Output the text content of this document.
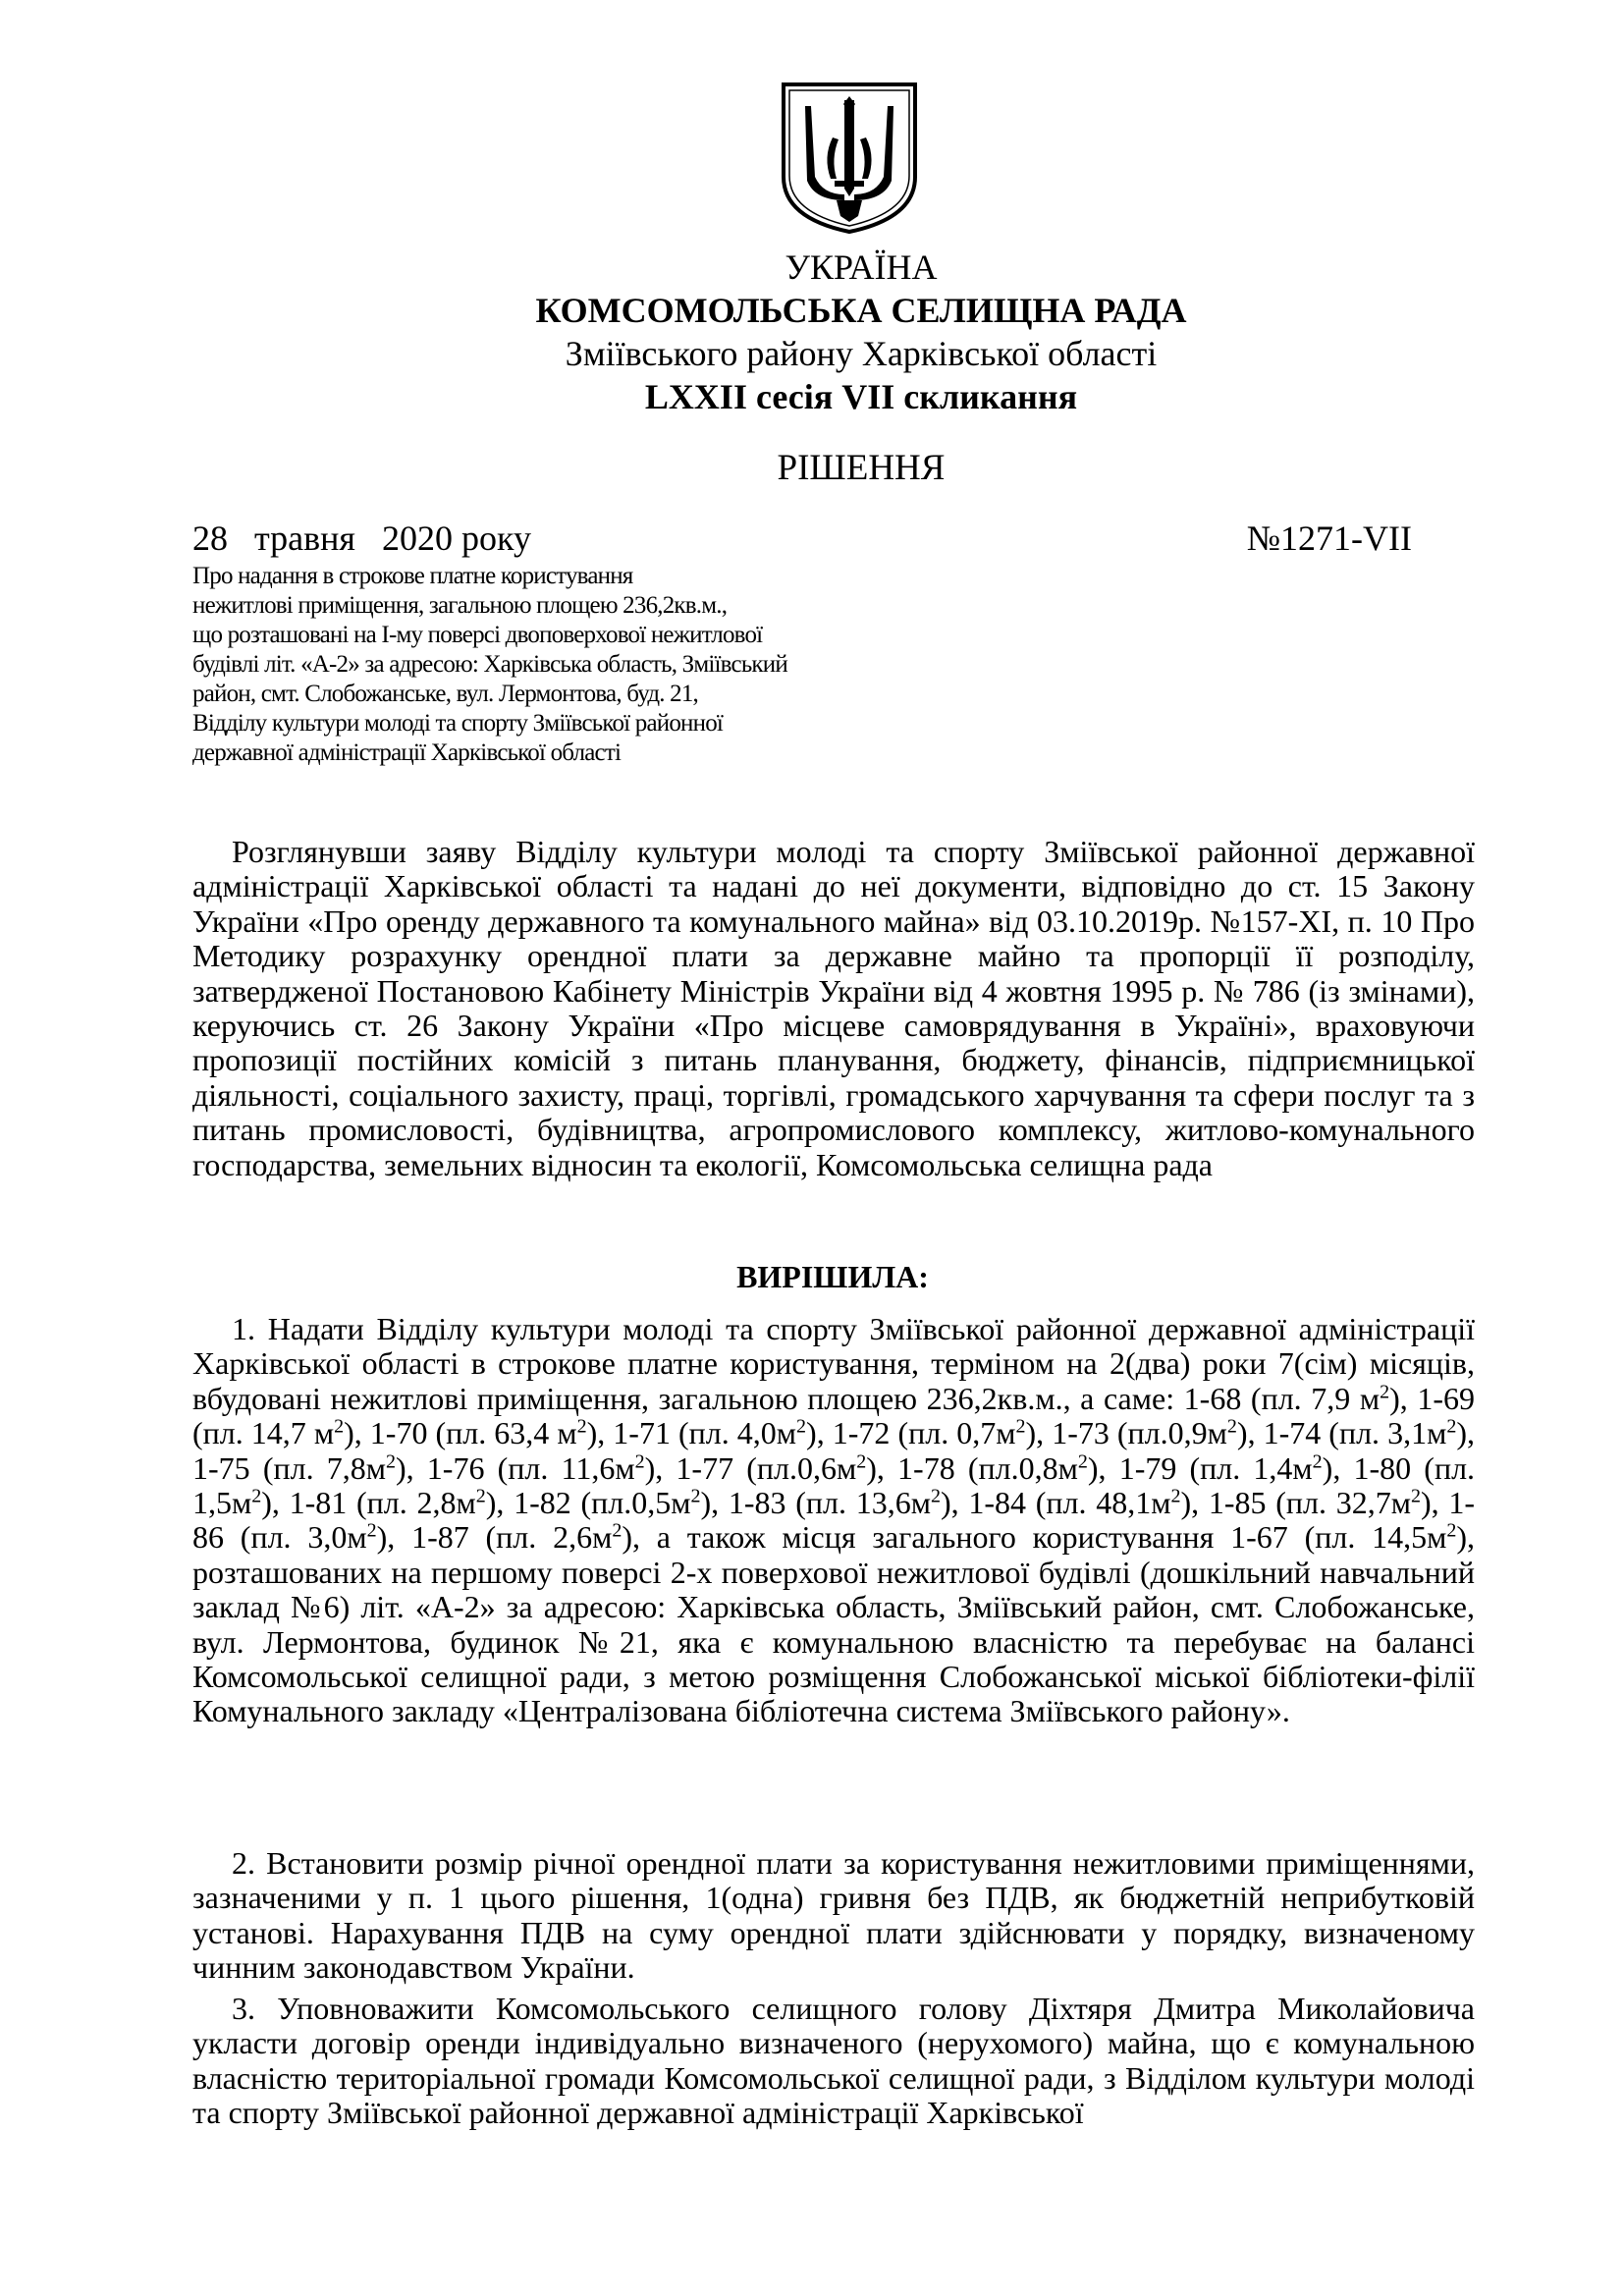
УКРАЇНА
КОМСОМОЛЬСЬКА СЕЛИЩНА РАДА
Зміївського району Харківської області
LXXII сесія VII скликання
РІШЕННЯ
28   травня   2020 року	№1271-VII
Про надання в строкове платне користування
нежитлові приміщення, загальною площею 236,2кв.м.,
що розташовані на І-му поверсі двоповерхової нежитлової
будівлі літ. «А-2» за адресою: Харківська область, Зміївський
район, смт. Слобожанське, вул. Лермонтова, буд. 21,
Відділу культури молоді та спорту Зміївської районної
державної адміністрації Харківської області
Розглянувши заяву Відділу культури молоді та спорту Зміївської районної державної адміністрації Харківської області та надані до неї документи, відповідно до ст. 15 Закону України «Про оренду державного та комунального майна» від 03.10.2019р. №157-XI, п. 10 Про Методику розрахунку орендної плати за державне майно та пропорції її розподілу, затвердженої Постановою Кабінету Міністрів України від 4 жовтня 1995 р. № 786 (із змінами), керуючись ст. 26 Закону України «Про місцеве самоврядування в Україні», враховуючи пропозиції постійних комісій з питань планування, бюджету, фінансів, підприємницької діяльності, соціального захисту, праці, торгівлі, громадського харчування та сфери послуг та з питань промисловості, будівництва, агропромислового комплексу, житлово-комунального господарства, земельних відносин та екології, Комсомольська селищна рада
ВИРІШИЛА:
1. Надати Відділу культури молоді та спорту Зміївської районної державної адміністрації Харківської області в строкове платне користування, терміном на 2(два) роки 7(сім) місяців, вбудовані нежитлові приміщення, загальною площею 236,2кв.м., а саме: 1-68 (пл. 7,9 $м^2$), 1-69 (пл. 14,7 $м^2$), 1-70 (пл. 63,4 $м^2$), 1-71 (пл. $4,0м^2$), 1-72 (пл. $0,7м^2$), 1-73 $(пл.0,9м^2)$, 1-74 (пл. $3,1м^2$), 1-75 (пл. $7,8м^2$), 1-76 (пл. $11,6м^2$), 1-77 $(пл.0,6м^2)$, 1-78 $(пл.0,8м^2)$, 1-79 (пл. $1,4м^2$), 1-80 (пл. $1,5м^2$), 1-81 (пл. $2,8м^2$), 1-82 $(пл.0,5м^2)$, 1-83 (пл. $13,6м^2$), 1-84 (пл. $48,1м^2$), 1-85 (пл. $32,7м^2$), 1-86 (пл. $3,0м^2$), 1-87 (пл. $2,6м^2$), а також місця загального користування 1-67 (пл. $14,5м^2$), розташованих на першому поверсі 2-х поверхової нежитлової будівлі (дошкільний навчальний заклад №6) літ. «А-2» за адресою: Харківська область, Зміївський район, смт. Слобожанське, вул. Лермонтова, будинок №21, яка є комунальною власністю та перебуває на балансі Комсомольської селищної ради, з метою розміщення Слобожанської міської бібліотеки-філії Комунального закладу «Централізована бібліотечна система Зміївського району».
2. Встановити розмір річної орендної плати за користування нежитловими приміщеннями, зазначеними у п. 1 цього рішення, 1(одна) гривня без ПДВ, як бюджетній неприбутковій установі. Нарахування ПДВ на суму орендної плати здійснювати у порядку, визначеному чинним законодавством України.
3. Уповноважити Комсомольського селищного голову Діхтяря Дмитра Миколайовича укласти договір оренди індивідуально визначеного (нерухомого) майна, що є комунальною власністю територіальної громади Комсомольської селищної ради, з Відділом культури молоді та спорту Зміївської районної державної адміністрації Харківської
